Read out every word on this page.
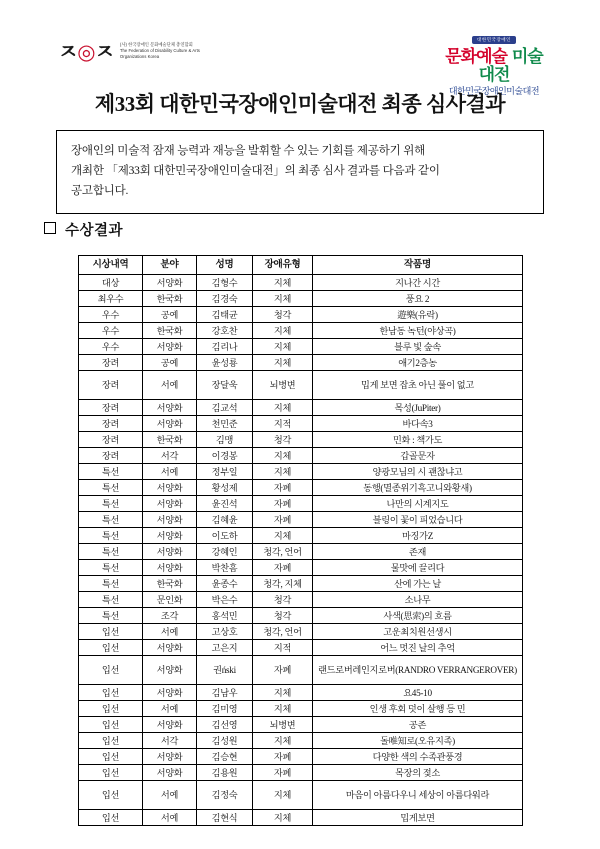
ㅈ◎ㅈ (사) 한국장애인 문화예술단체 총연합회 The Federation of Disability Culture & Arts Organizations Korea
대한민국장애인
문화예술 미술대전
대한민국장애인미술대전
제33회 대한민국장애인미술대전 최종 심사결과

장애인의 미술적 잠재 능력과 재능을 발휘할 수 있는 기회를 제공하기 위해

개최한 「제33회 대한민국장애인미술대전」의 최종 심사 결과를 다음과 같이

공고합니다.

수상결과
시상내역	분야	성명	장애유형	작품명
대상	서양화	김형수	지체	지나간 시간
최우수	한국화	김경숙	지체	풍요 2
우수	공예	김태균	청각	遊樂(유락)
우수	한국화	강호찬	지체	한남동 녹턴(야상곡)
우수	서양화	김리나	지체	블루 빛 숲속
장려	공예	윤성룡	지체	애기2층농
장려	서예	장달욱	뇌병변	밉게 보면 잡초 아닌 풀이 없고
장려	서양화	김교석	지체	목성(JuPiter)
장려	서양화	천민준	지적	바다속3
장려	한국화	김맹	청각	민화 : 책가도
장려	서각	이경봉	지체	갑골문자
특선	서예	정부일	지체	양광모님의 시 괜찮냐고
특선	서양화	황성제	자폐	동행(멸종위기흑고니와황새)
특선	서양화	윤진석	자폐	나만의 시계지도
특선	서양화	김혜윤	자폐	블링이 꽃이 피었습니다
특선	서양화	이도하	지체	마징가Z
특선	서양화	강혜인	청각, 언어	존재
특선	서양화	박찬흠	자폐	물맛에 끌리다
특선	한국화	윤종수	청각, 지체	산에 가는 날
특선	문인화	박은수	청각	소나무
특선	조각	홍석민	청각	사색(思索)의 흐름
입선	서예	고상호	청각, 언어	고운최치원선생시
입선	서양화	고은지	지적	어느 멋진 날의 추억
입선	서양화	권ński	자폐	랜드로버레인지로버(RANDRO VERRANGEROVER)
입선	서양화	김남우	지체	요45-10
입선	서예	김미영	지체	인생 후회 덧이 살행 등 민
입선	서양화	김선영	뇌병변	공존
입선	서각	김성원	지체	돌唯知로(오유지족)
입선	서양화	김승현	자폐	다양한 색의 수족관풍경
입선	서양화	김용원	자폐	목장의 젖소
입선	서예	김정숙	지체	마음이 아름다우니 세상이 아름다워라
입선	서예	김현식	지체	밉게보면
